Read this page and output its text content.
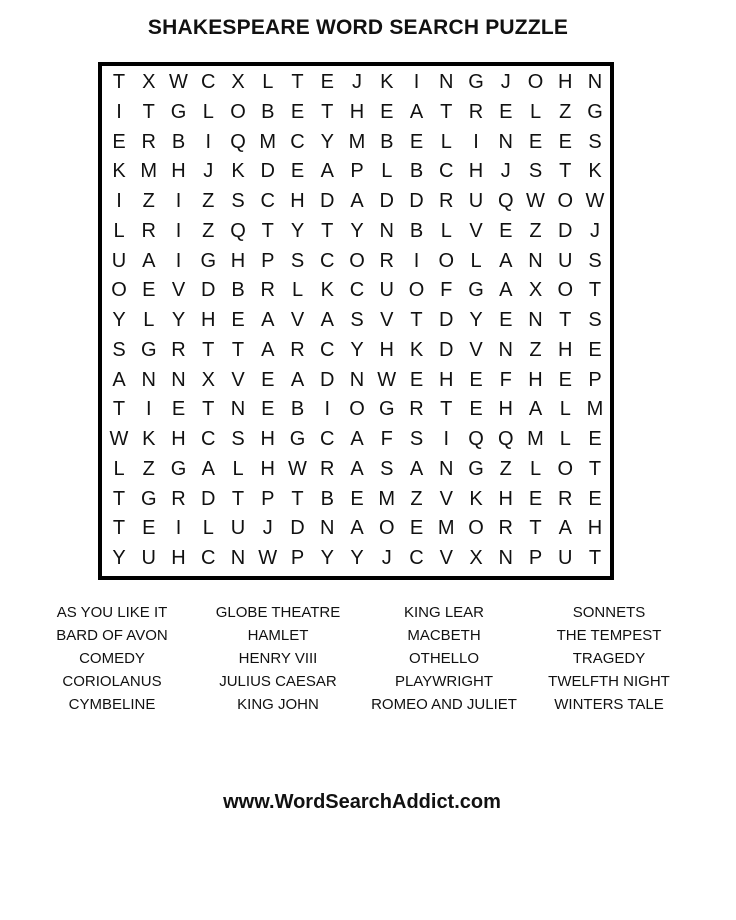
SHAKESPEARE WORD SEARCH PUZZLE
T X W C X L T E J K	I N G J O H N
I	T G L O B E T H E A T R E L Z G
E R B	I Q M C Y M B E L	I N E E S
K M H J K D E A P L B C H J S T K
I	Z	I	Z S C H D A D D R U Q W O W
L R I	Z Q T Y T Y N B L V E Z D J
U A	I G H P S C O R I O L A N U S
O E V D B R L K C U O F G A X O T
Y L Y H E A V A S V T D Y E N T S
S G R T T A R C Y H K D V N Z H E
A N N X V E A D N W E H E F H E P
T	I	E T N E B	I O G R T E H A L M
W K H C S H G C A F S	I Q Q M L E
L Z G A L H W R A S A N G Z L O T
T G R D T P T B E M Z V K H E R E
T E	I	L U J D N A O E M O R T A H
Y U H C N W P Y Y J C V X N P U T
AS YOU LIKE IT
BARD OF AVON
COMEDY
CORIOLANUS
CYMBELINE
GLOBE THEATRE
HAMLET
HENRY VIII
JULIUS CAESAR
KING JOHN
KING LEAR
MACBETH
OTHELLO
PLAYWRIGHT
ROMEO AND JULIET
SONNETS
THE TEMPEST
TRAGEDY
TWELFTH NIGHT
WINTERS TALE
www.WordSearchAddict.com
